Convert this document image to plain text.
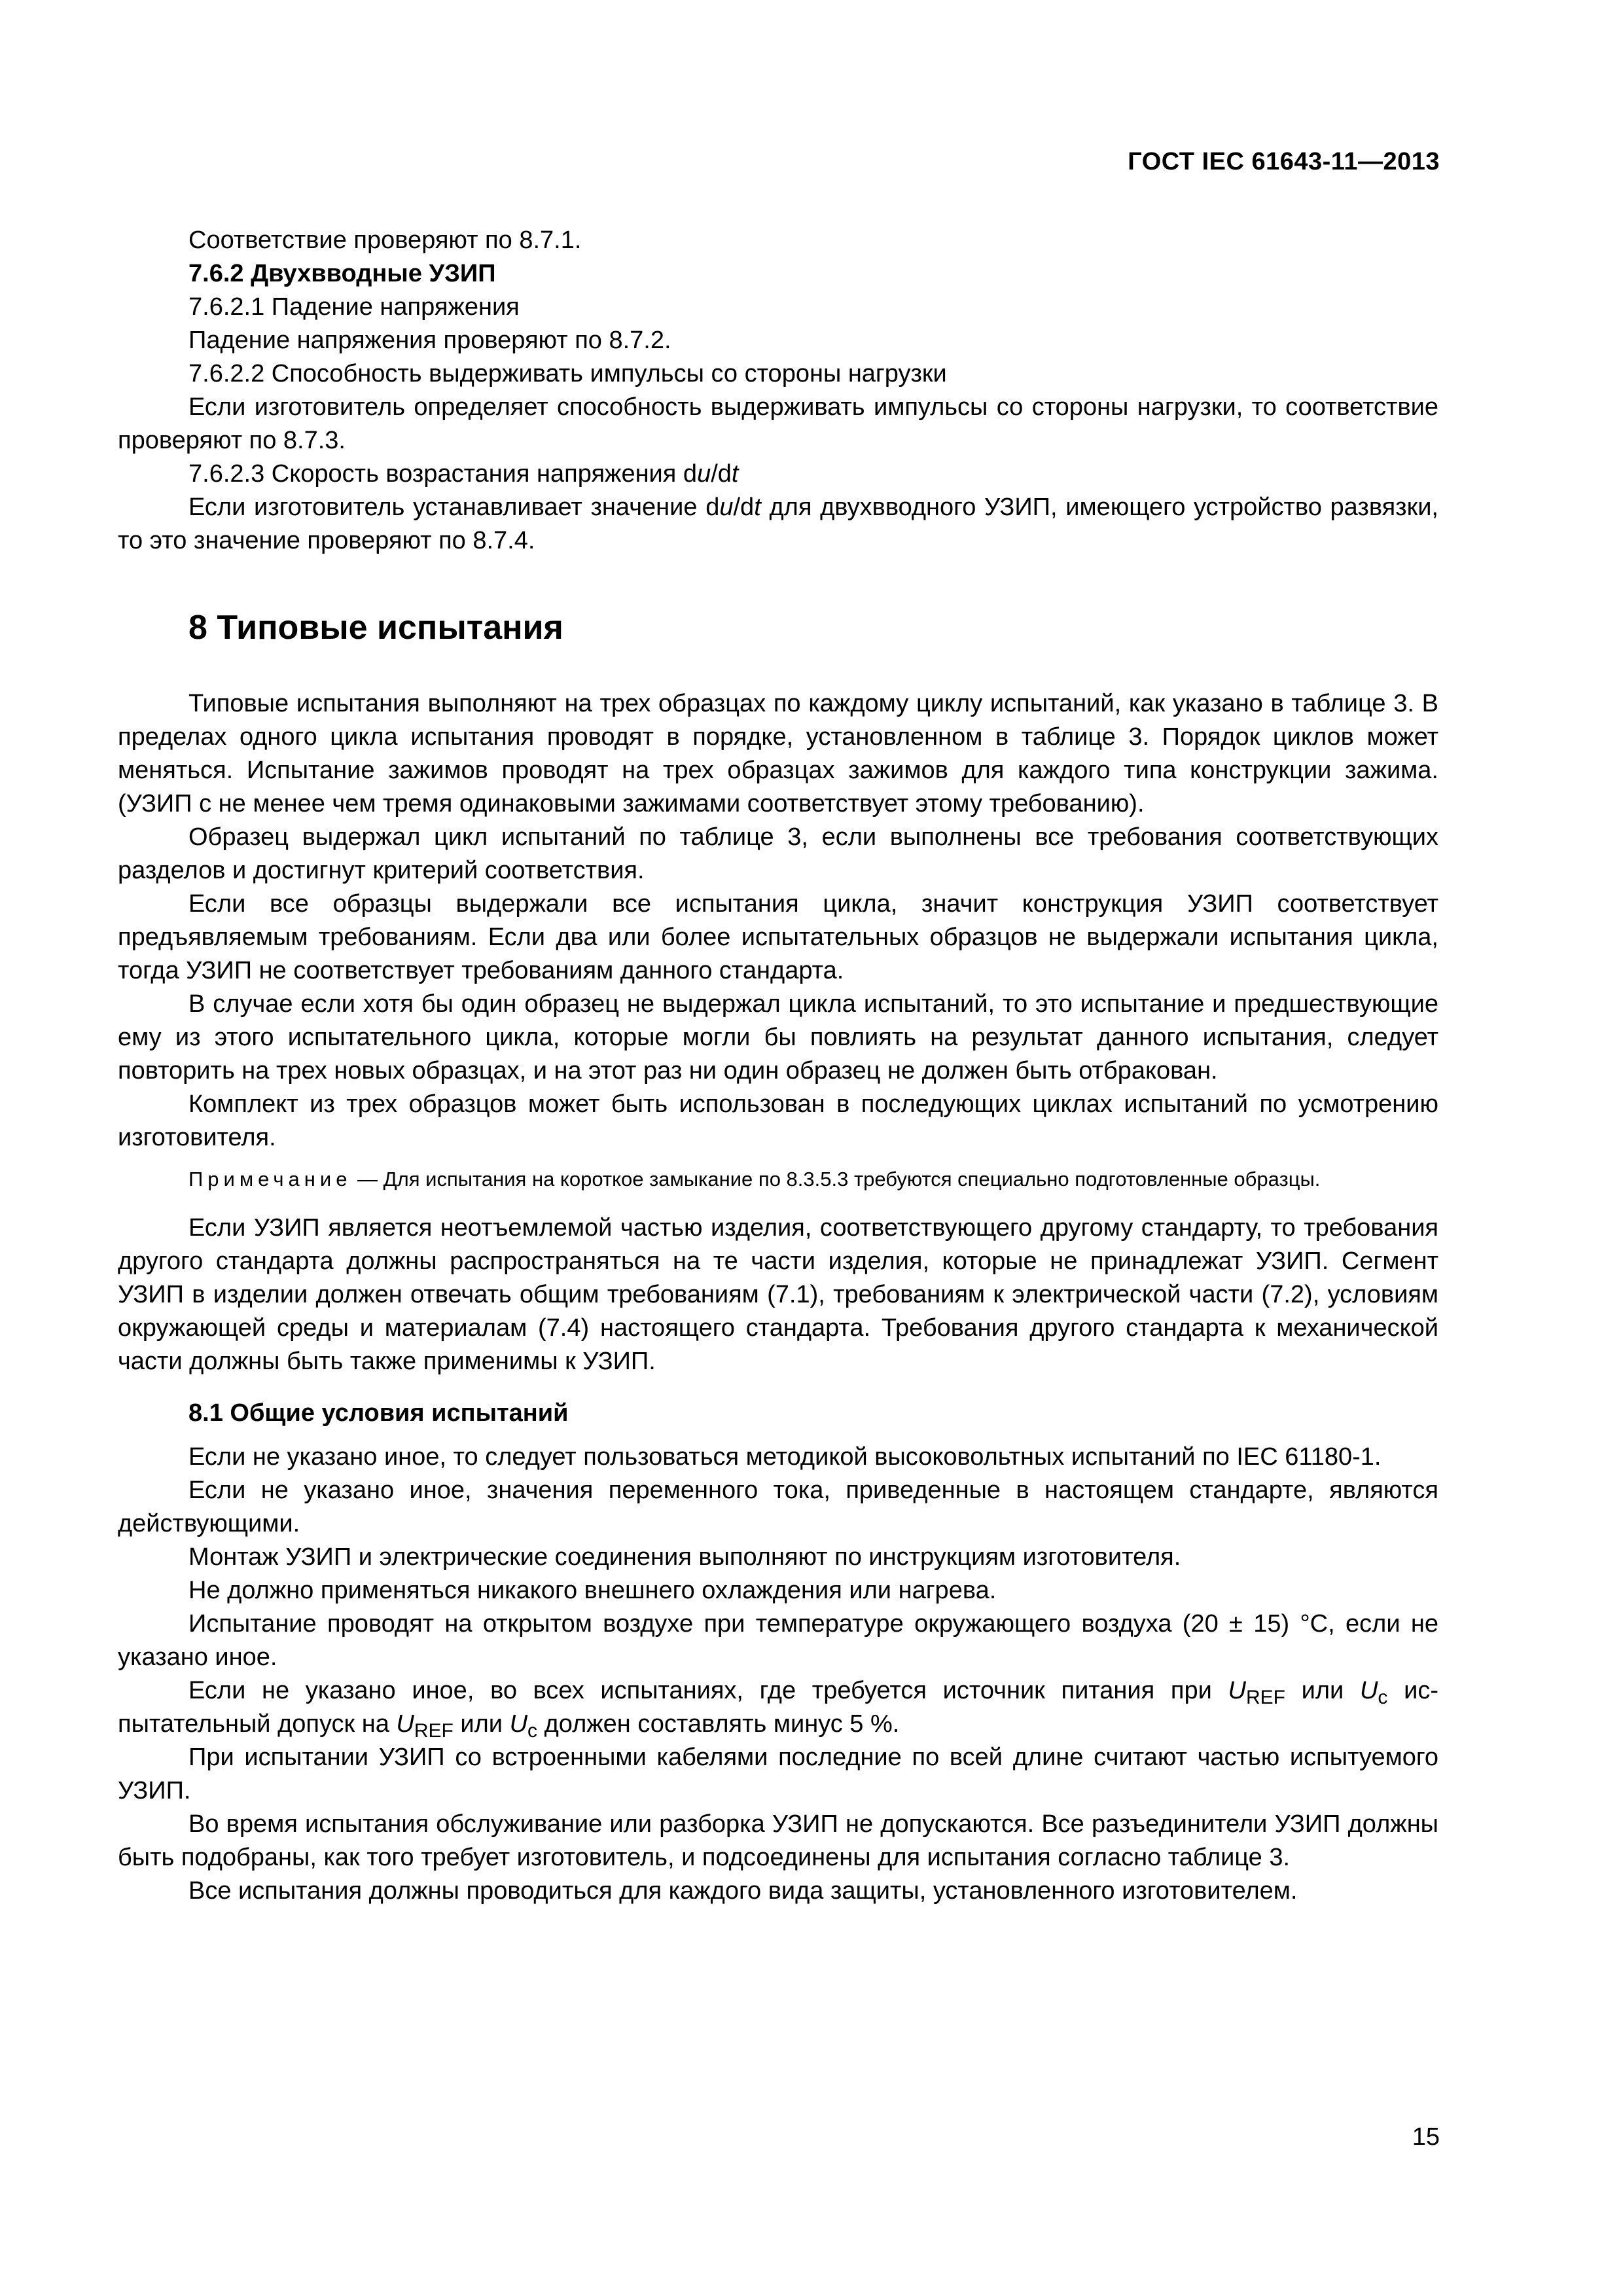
ГОСТ IEC 61643-11—2013

Соответствие проверяют по 8.7.1.

7.6.2 Двухвводные УЗИП

7.6.2.1 Падение напряжения

Падение напряжения проверяют по 8.7.2.

7.6.2.2 Способность выдерживать импульсы со стороны нагрузки

Если изготовитель определяет способность выдерживать импульсы со стороны нагрузки, то соответствие проверяют по 8.7.3.

7.6.2.3 Скорость возрастания напряжения du/dt

Если изготовитель устанавливает значение du/dt для двухвводного УЗИП, имеющего устройство развязки, то это значение проверяют по 8.7.4.

8 Типовые испытания

Типовые испытания выполняют на трех образцах по каждому циклу испытаний, как указано в таблице 3. В пределах одного цикла испытания проводят в порядке, установленном в таблице 3. Порядок циклов может меняться. Испытание зажимов проводят на трех образцах зажимов для каждого типа конструкции зажима. (УЗИП с не менее чем тремя одинаковыми зажимами соответствует этому требованию).

Образец выдержал цикл испытаний по таблице 3, если выполнены все требования соответствующих разделов и достигнут критерий соответствия.

Если все образцы выдержали все испытания цикла, значит конструкция УЗИП соответствует предъявляемым требованиям. Если два или более испытательных образцов не выдержали испытания цикла, тогда УЗИП не соответствует требованиям данного стандарта.

В случае если хотя бы один образец не выдержал цикла испытаний, то это испытание и предшествующие ему из этого испытательного цикла, которые могли бы повлиять на результат данного испытания, следует повторить на трех новых образцах, и на этот раз ни один образец не должен быть отбракован.

Комплект из трех образцов может быть использован в последующих циклах испытаний по усмотрению изготовителя.

Примечание — Для испытания на короткое замыкание по 8.3.5.3 требуются специально подготовленные образцы.

Если УЗИП является неотъемлемой частью изделия, соответствующего другому стандарту, то требования другого стандарта должны распространяться на те части изделия, которые не принадлежат УЗИП. Сегмент УЗИП в изделии должен отвечать общим требованиям (7.1), требованиям к электрической части (7.2), условиям окружающей среды и материалам (7.4) настоящего стандарта. Требования другого стандарта к механической части должны быть также применимы к УЗИП.

8.1 Общие условия испытаний

Если не указано иное, то следует пользоваться методикой высоковольтных испытаний по IEC 61180-1.

Если не указано иное, значения переменного тока, приведенные в настоящем стандарте, являются действующими.

Монтаж УЗИП и электрические соединения выполняют по инструкциям изготовителя.

Не должно применяться никакого внешнего охлаждения или нагрева.

Испытание проводят на открытом воздухе при температуре окружающего воздуха (20 ± 15) °С, если не указано иное.

Если не указано иное, во всех испытаниях, где требуется источник питания при $U_{REF}$ или $U_c$ испытательный допуск на $U_{REF}$ или $U_c$ должен составлять минус 5 %.

При испытании УЗИП со встроенными кабелями последние по всей длине считают частью испытуемого УЗИП.

Во время испытания обслуживание или разборка УЗИП не допускаются. Все разъединители УЗИП должны быть подобраны, как того требует изготовитель, и подсоединены для испытания согласно таблице 3.

Все испытания должны проводиться для каждого вида защиты, установленного изготовителем.

15
